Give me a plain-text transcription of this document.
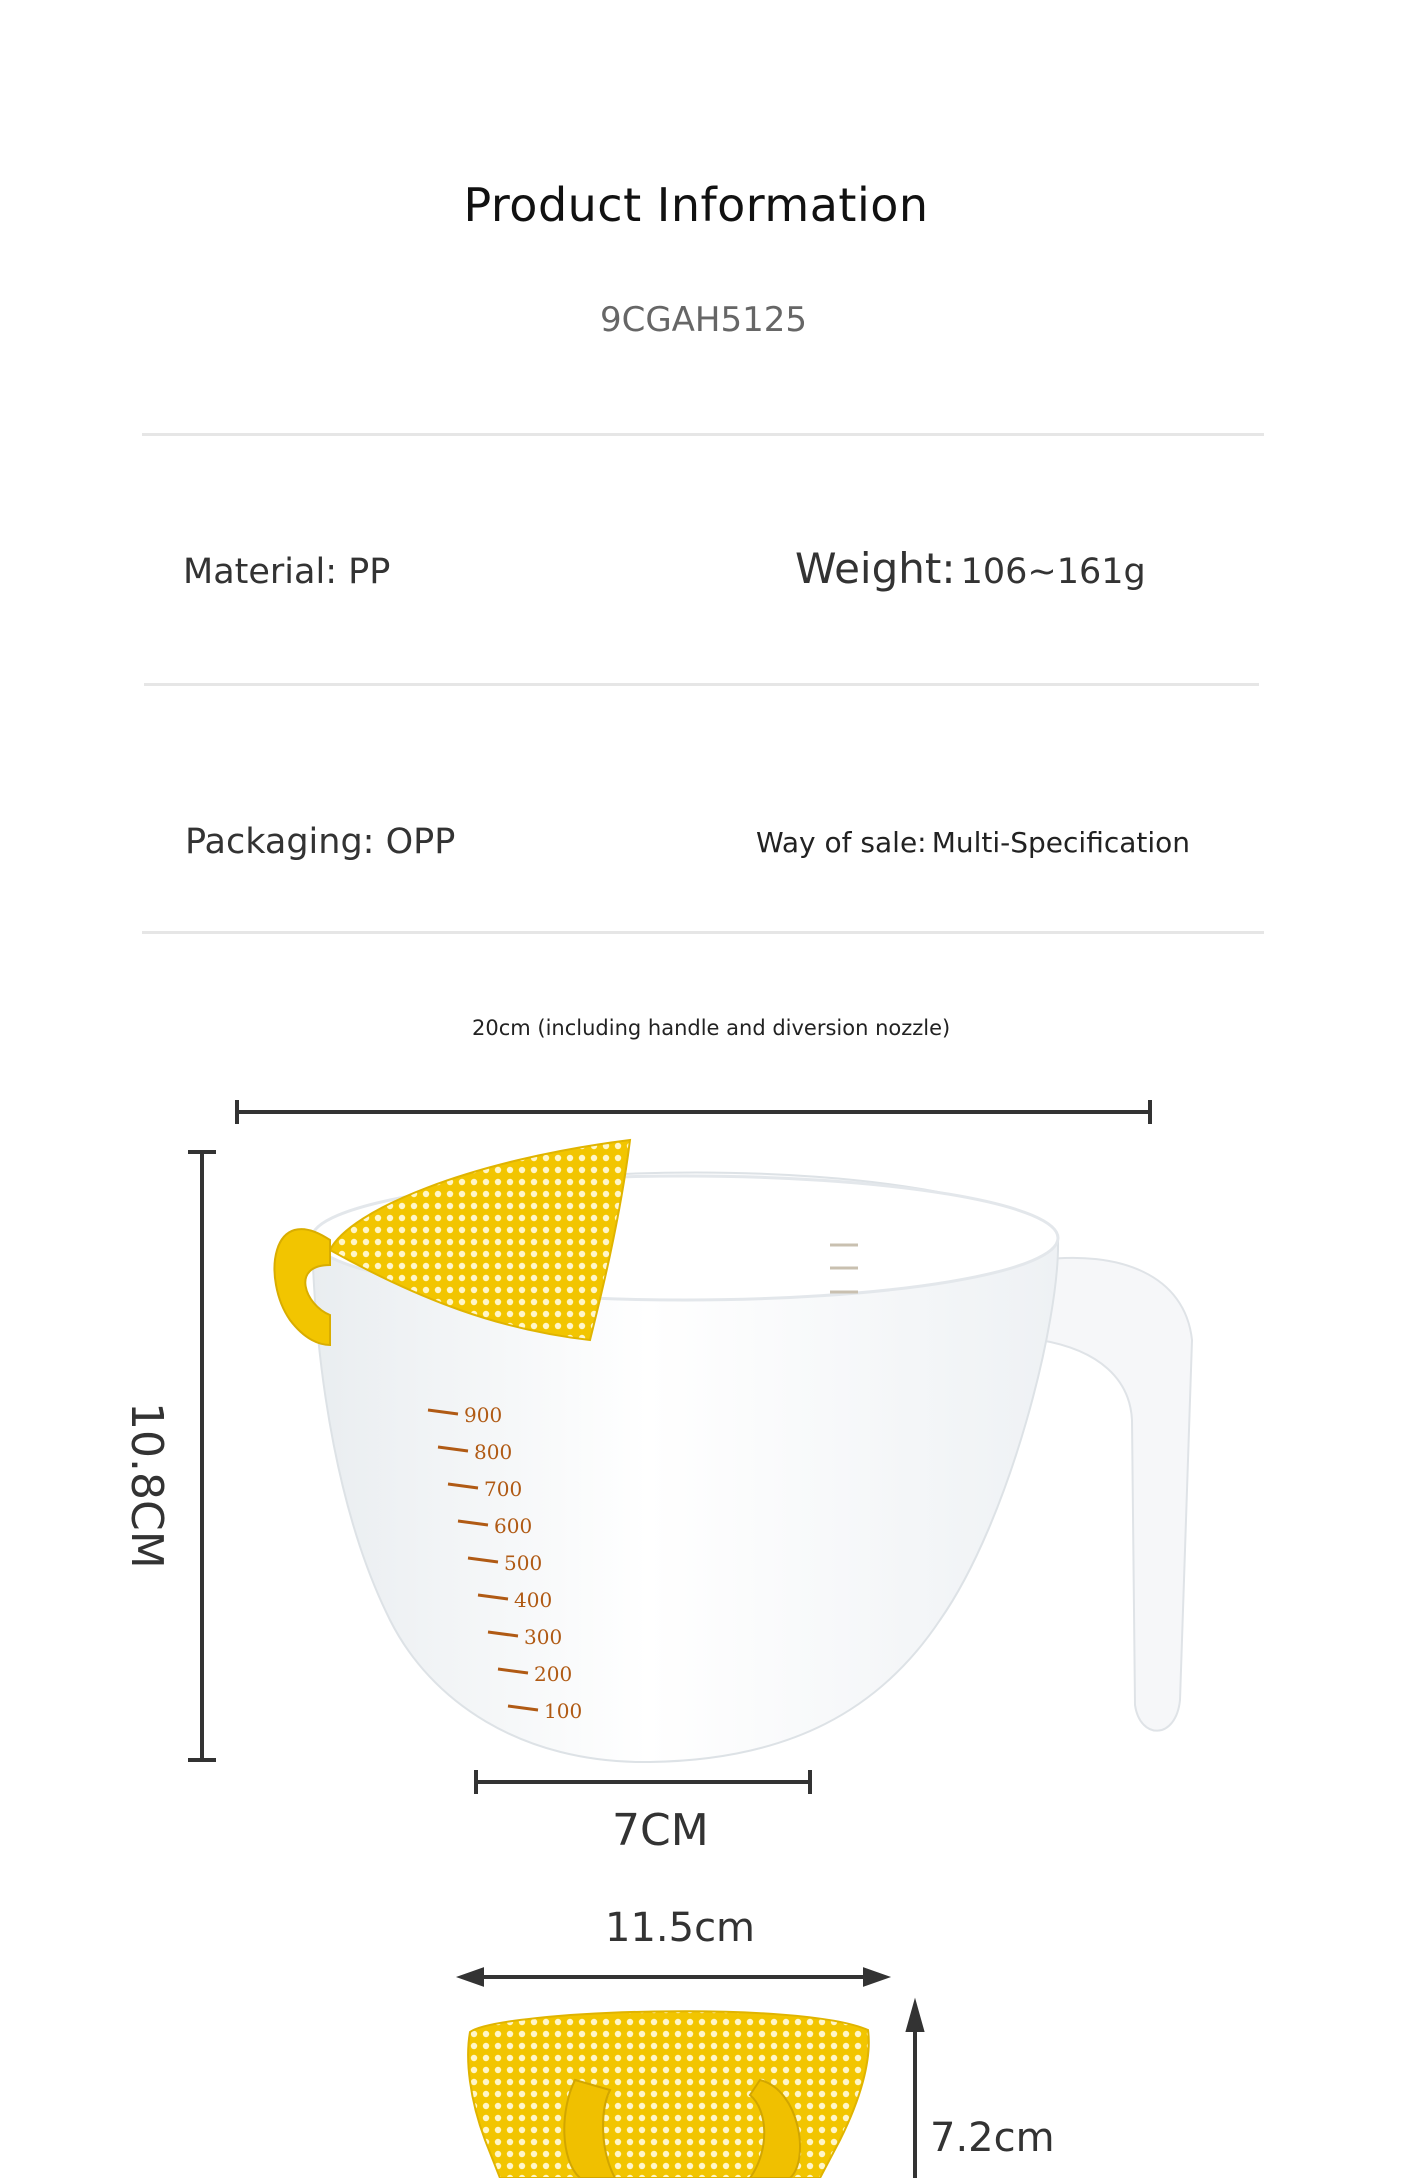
Product Information
9CGAH5125
Material: PP	Weight: 106~161g
Packaging: OPP	Way of sale: Multi-Specification
20cm (including handle and diversion nozzle)
900
800
700
600
500
400
300
200
100
10.8CM
7CM
11.5cm
7.2cm
